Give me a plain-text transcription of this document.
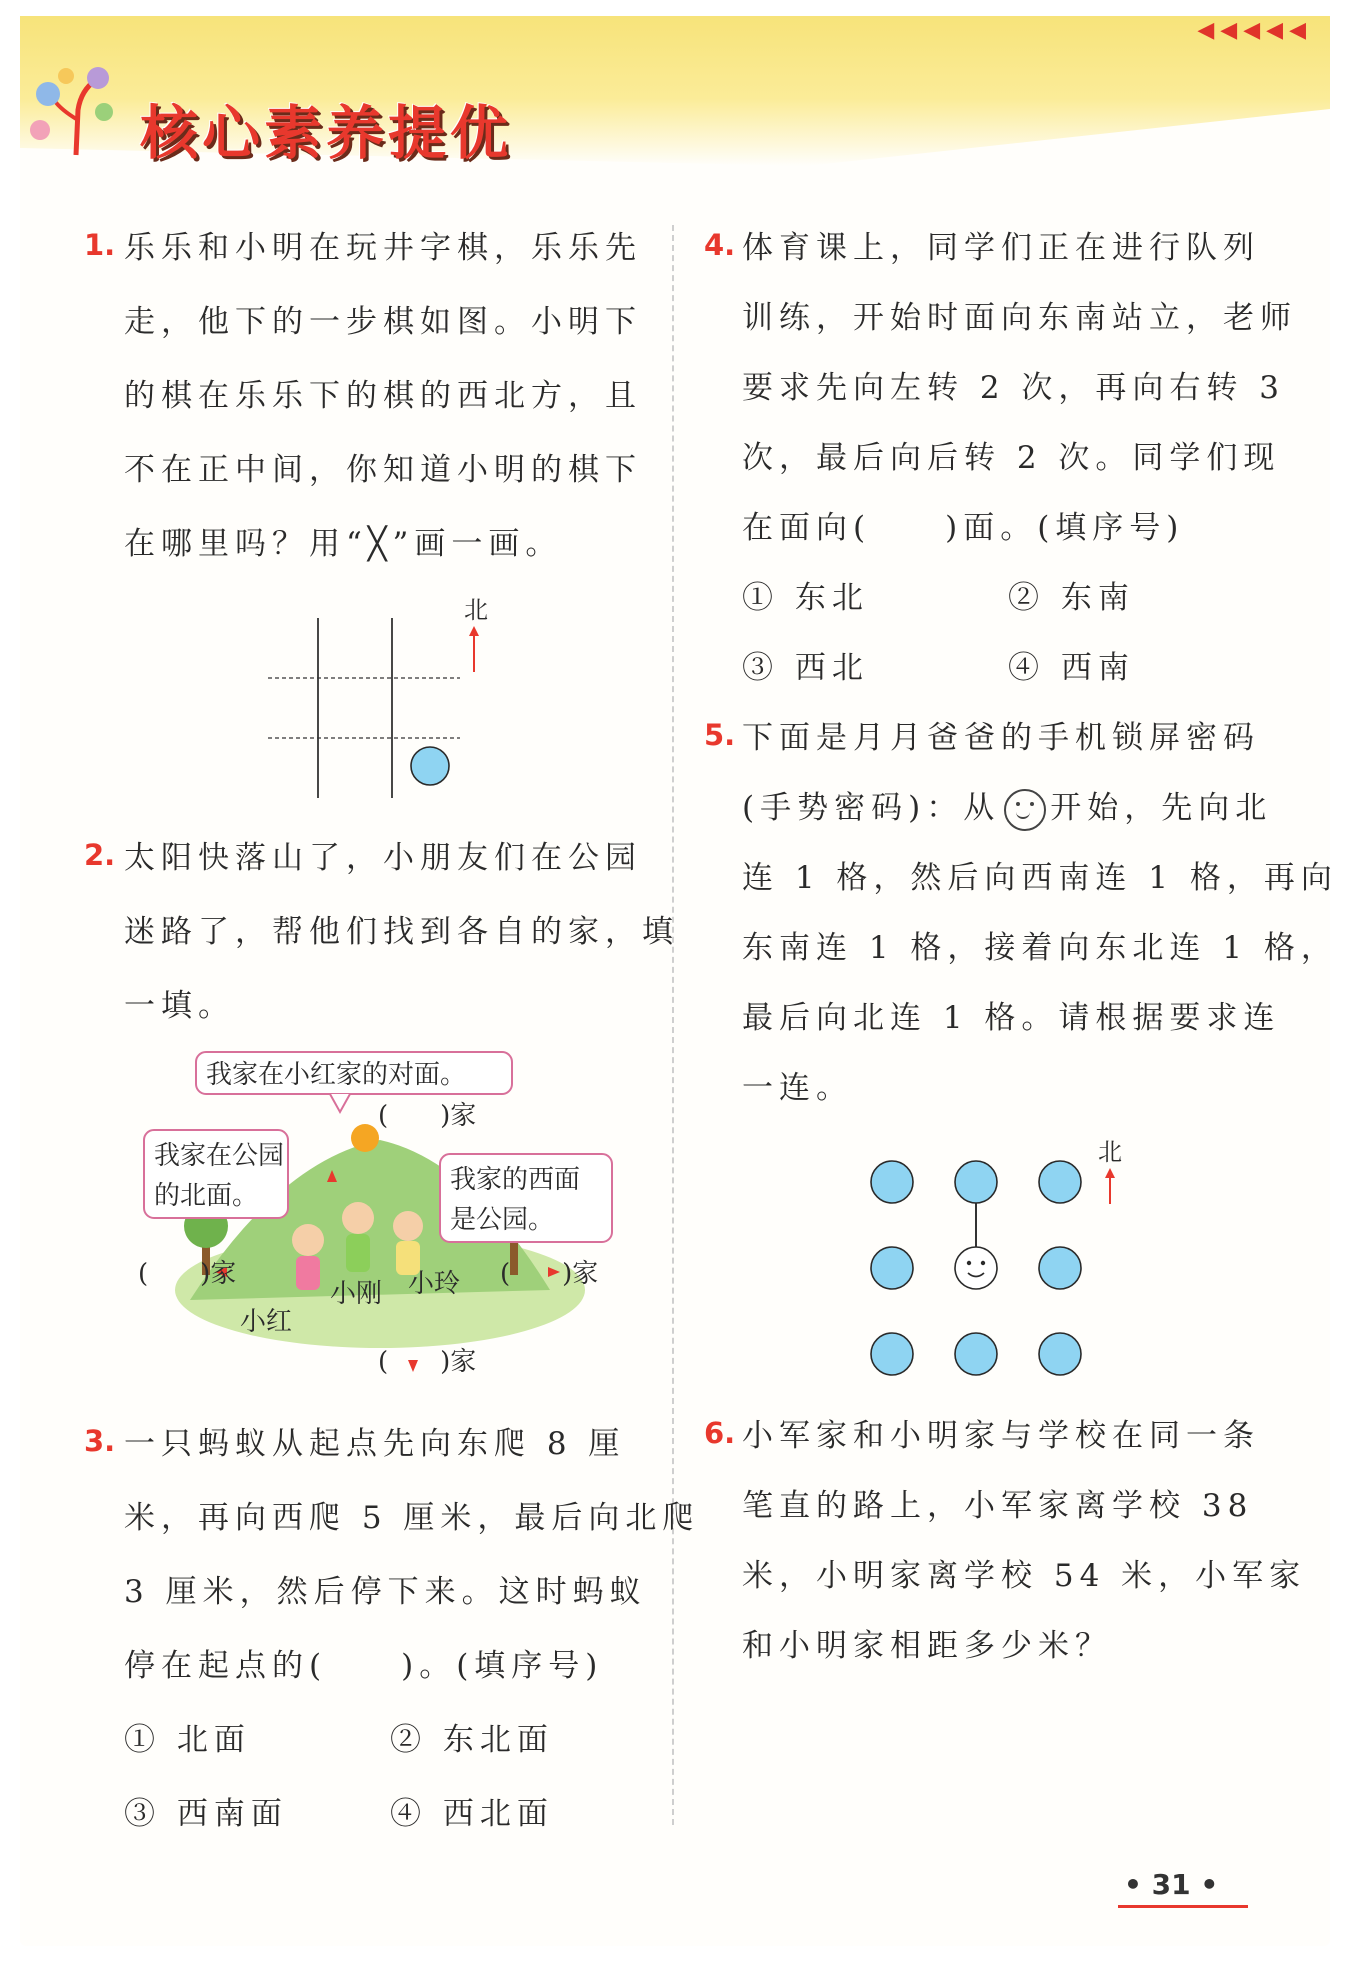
◀◀◀◀◀
核心素养提优
1. 乐乐和小明在玩井字棋，乐乐先
走，他下的一步棋如图。小明下
的棋在乐乐下的棋的西北方，且
不在正中间，你知道小明的棋下
在哪里吗？用“╳”画一画。
北
2. 太阳快落山了，小朋友们在公园
迷路了，帮他们找到各自的家，填
一填。
我家在小红家的对面。
我家在公园
的北面。
我家的西面
是公园。
(　　)家
(　　)家	(　　)家
(　　)家
小红
小刚 小玲
3. 一只蚂蚁从起点先向东爬 8 厘
米，再向西爬 5 厘米，最后向北爬
3 厘米，然后停下来。这时蚂蚁
停在起点的(　　)。(填序号)
① 北面	② 东北面
③ 西南面	④ 西北面
4. 体育课上，同学们正在进行队列
训练，开始时面向东南站立，老师
要求先向左转 2 次，再向右转 3
次，最后向后转 2 次。同学们现
在面向(　　)面。(填序号)
① 东北	② 东南
③ 西北	④ 西南
5. 下面是月月爸爸的手机锁屏密码
(手势密码)：从 开始，先向北
连 1 格，然后向西南连 1 格，再向
东南连 1 格，接着向东北连 1 格，
最后向北连 1 格。请根据要求连
一连。
北
6. 小军家和小明家与学校在同一条
笔直的路上，小军家离学校 38
米，小明家离学校 54 米，小军家
和小明家相距多少米？
• 31 •
